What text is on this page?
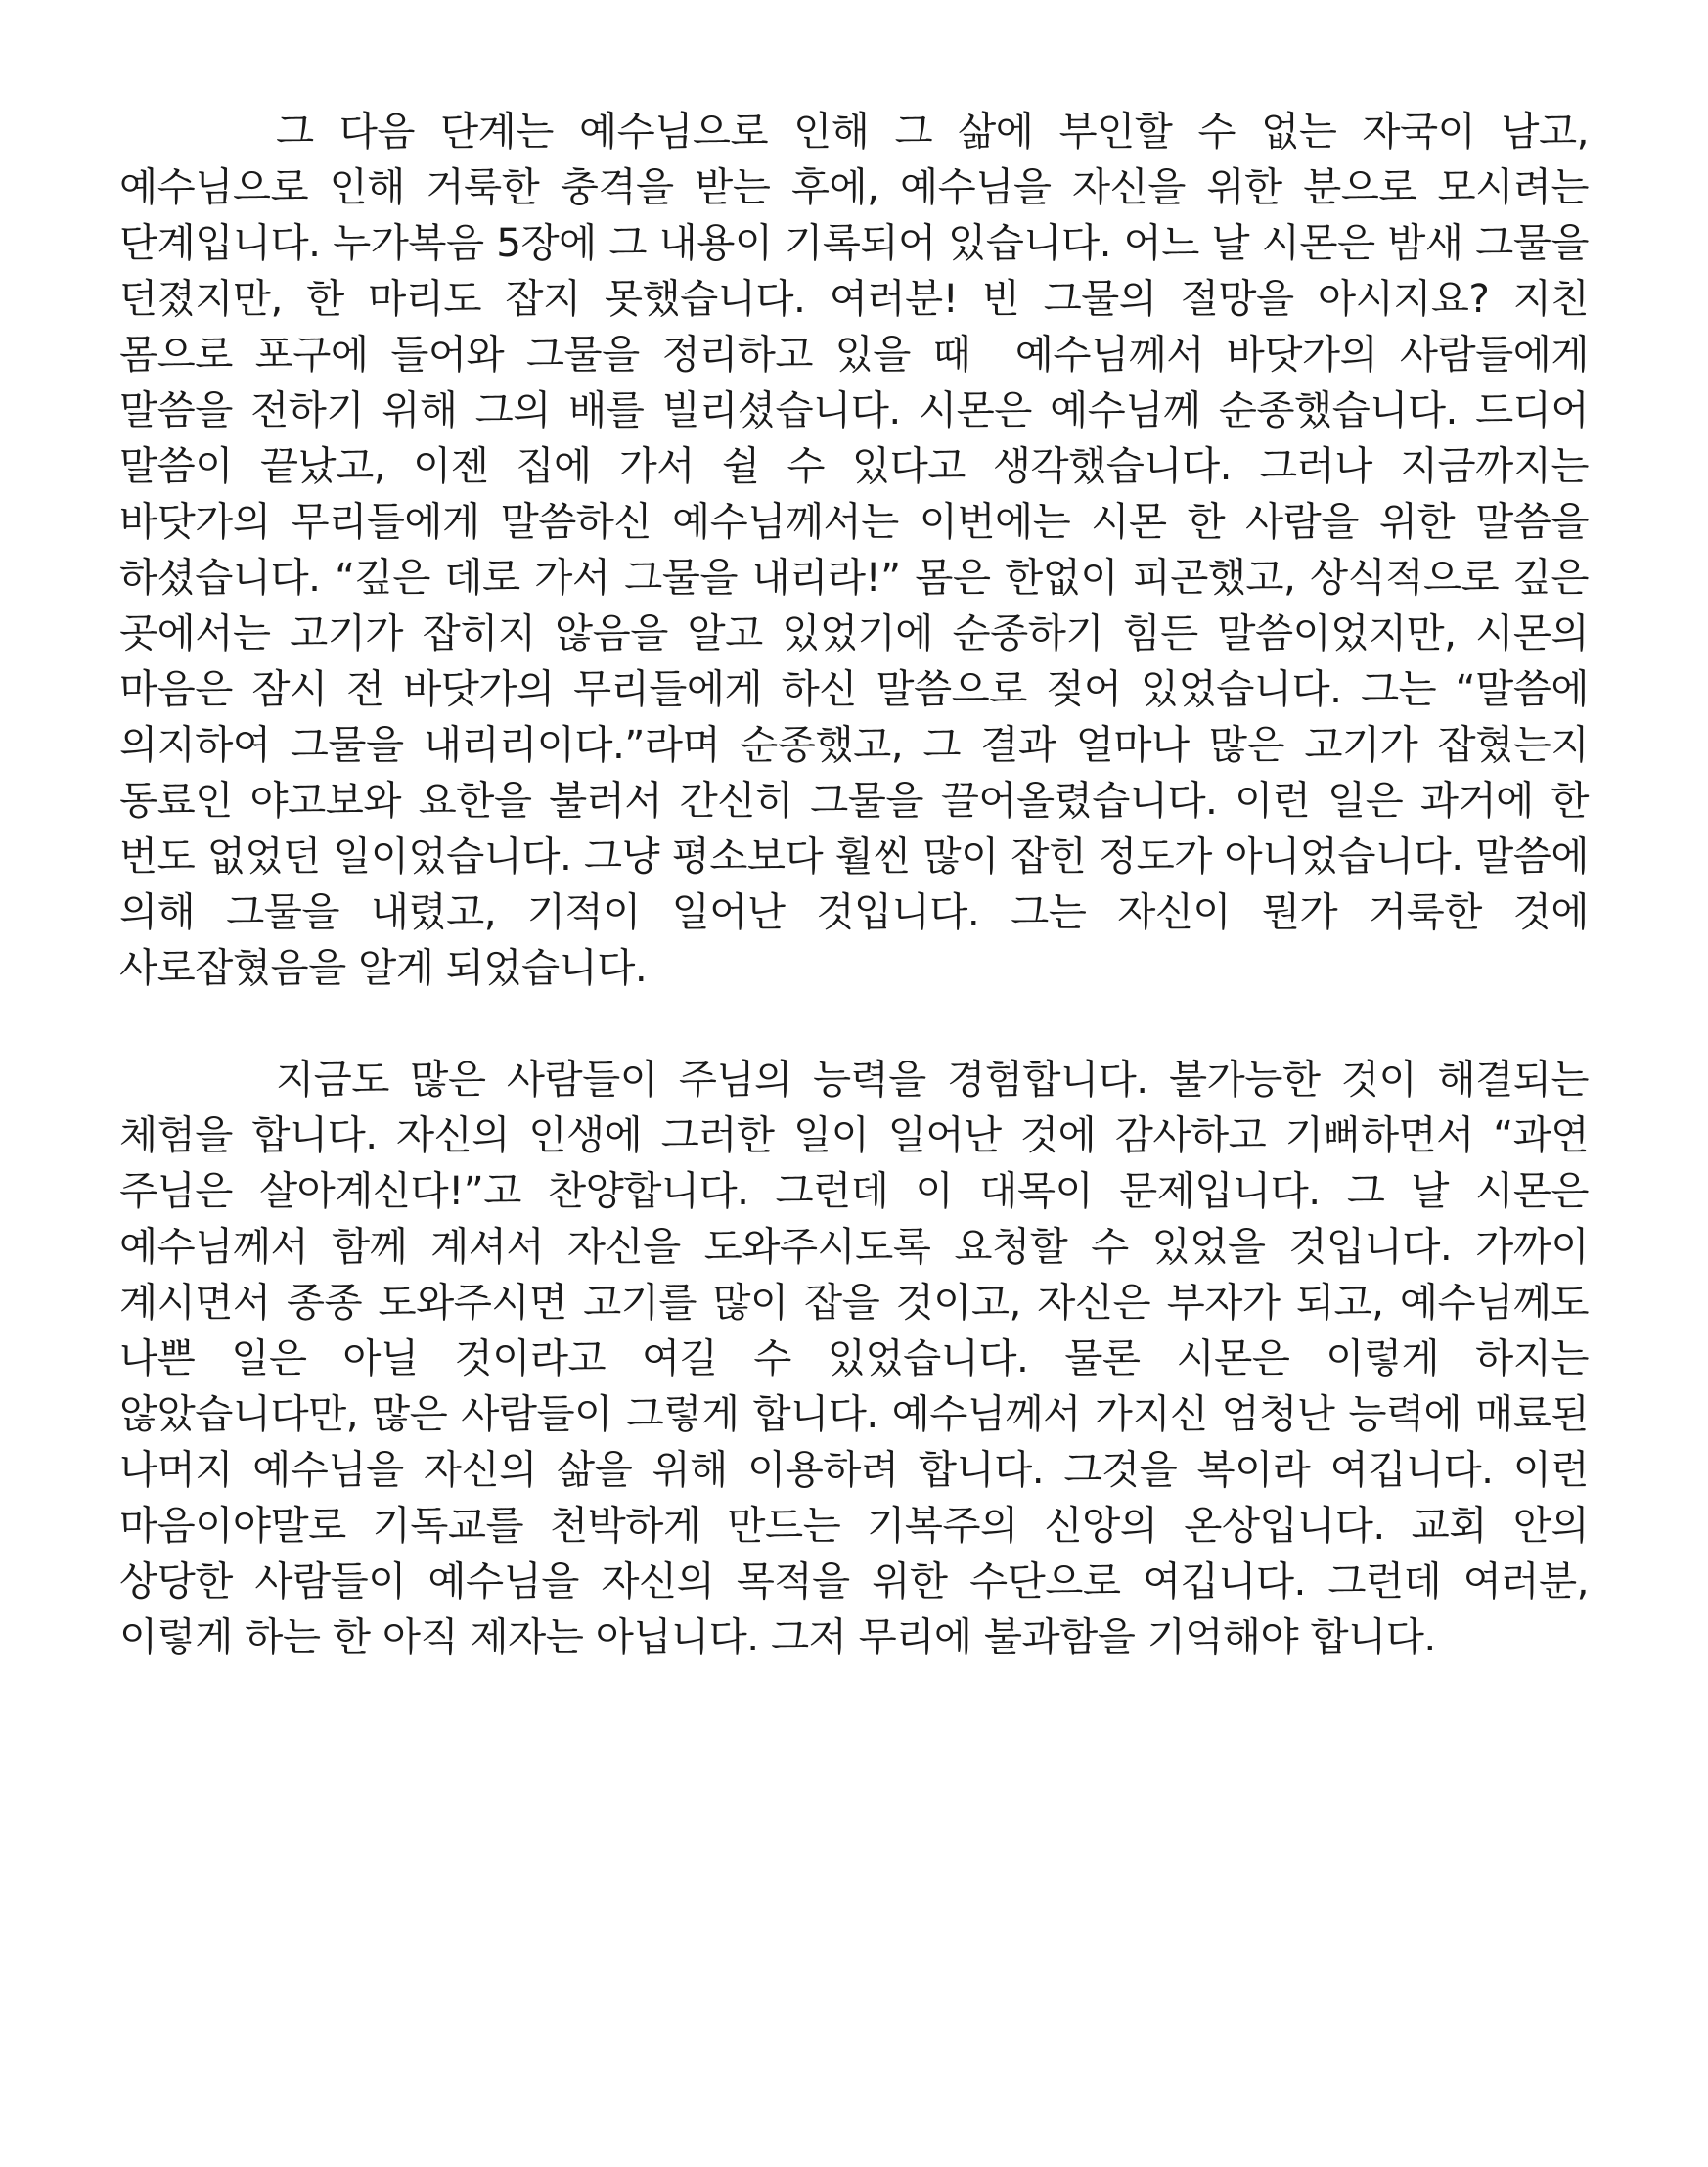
그 다음 단계는 예수님으로 인해 그 삶에 부인할 수 없는 자국이 남고, 예수님으로 인해 거룩한 충격을 받는 후에, 예수님을 자신을 위한 분으로 모시려는 단계입니다. 누가복음 5장에 그 내용이 기록되어 있습니다. 어느 날 시몬은 밤새 그물을 던졌지만, 한 마리도 잡지 못했습니다. 여러분! 빈 그물의 절망을 아시지요? 지친 몸으로 포구에 들어와 그물을 정리하고 있을 때  예수님께서 바닷가의 사람들에게 말씀을 전하기 위해 그의 배를 빌리셨습니다. 시몬은 예수님께 순종했습니다. 드디어 말씀이 끝났고, 이젠 집에 가서 쉴 수 있다고 생각했습니다. 그러나 지금까지는 바닷가의 무리들에게 말씀하신 예수님께서는 이번에는 시몬 한 사람을 위한 말씀을 하셨습니다. “깊은 데로 가서 그물을 내리라!” 몸은 한없이 피곤했고, 상식적으로 깊은 곳에서는 고기가 잡히지 않음을 알고 있었기에 순종하기 힘든 말씀이었지만, 시몬의 마음은 잠시 전 바닷가의 무리들에게 하신 말씀으로 젖어 있었습니다. 그는 “말씀에 의지하여 그물을 내리리이다.”라며 순종했고, 그 결과 얼마나 많은 고기가 잡혔는지 동료인 야고보와 요한을 불러서 간신히 그물을 끌어올렸습니다. 이런 일은 과거에 한 번도 없었던 일이었습니다. 그냥 평소보다 훨씬 많이 잡힌 정도가 아니었습니다. 말씀에 의해 그물을 내렸고, 기적이 일어난 것입니다. 그는 자신이 뭔가 거룩한 것에 사로잡혔음을 알게 되었습니다.

지금도 많은 사람들이 주님의 능력을 경험합니다. 불가능한 것이 해결되는 체험을 합니다. 자신의 인생에 그러한 일이 일어난 것에 감사하고 기뻐하면서 “과연 주님은 살아계신다!”고 찬양합니다. 그런데 이 대목이 문제입니다. 그 날 시몬은 예수님께서 함께 계셔서 자신을 도와주시도록 요청할 수 있었을 것입니다. 가까이 계시면서 종종 도와주시면 고기를 많이 잡을 것이고, 자신은 부자가 되고, 예수님께도 나쁜 일은 아닐 것이라고 여길 수 있었습니다. 물론 시몬은 이렇게 하지는 않았습니다만, 많은 사람들이 그렇게 합니다. 예수님께서 가지신 엄청난 능력에 매료된 나머지 예수님을 자신의 삶을 위해 이용하려 합니다. 그것을 복이라 여깁니다. 이런 마음이야말로 기독교를 천박하게 만드는 기복주의 신앙의 온상입니다. 교회 안의 상당한 사람들이 예수님을 자신의 목적을 위한 수단으로 여깁니다. 그런데 여러분, 이렇게 하는 한 아직 제자는 아닙니다. 그저 무리에 불과함을 기억해야 합니다.
